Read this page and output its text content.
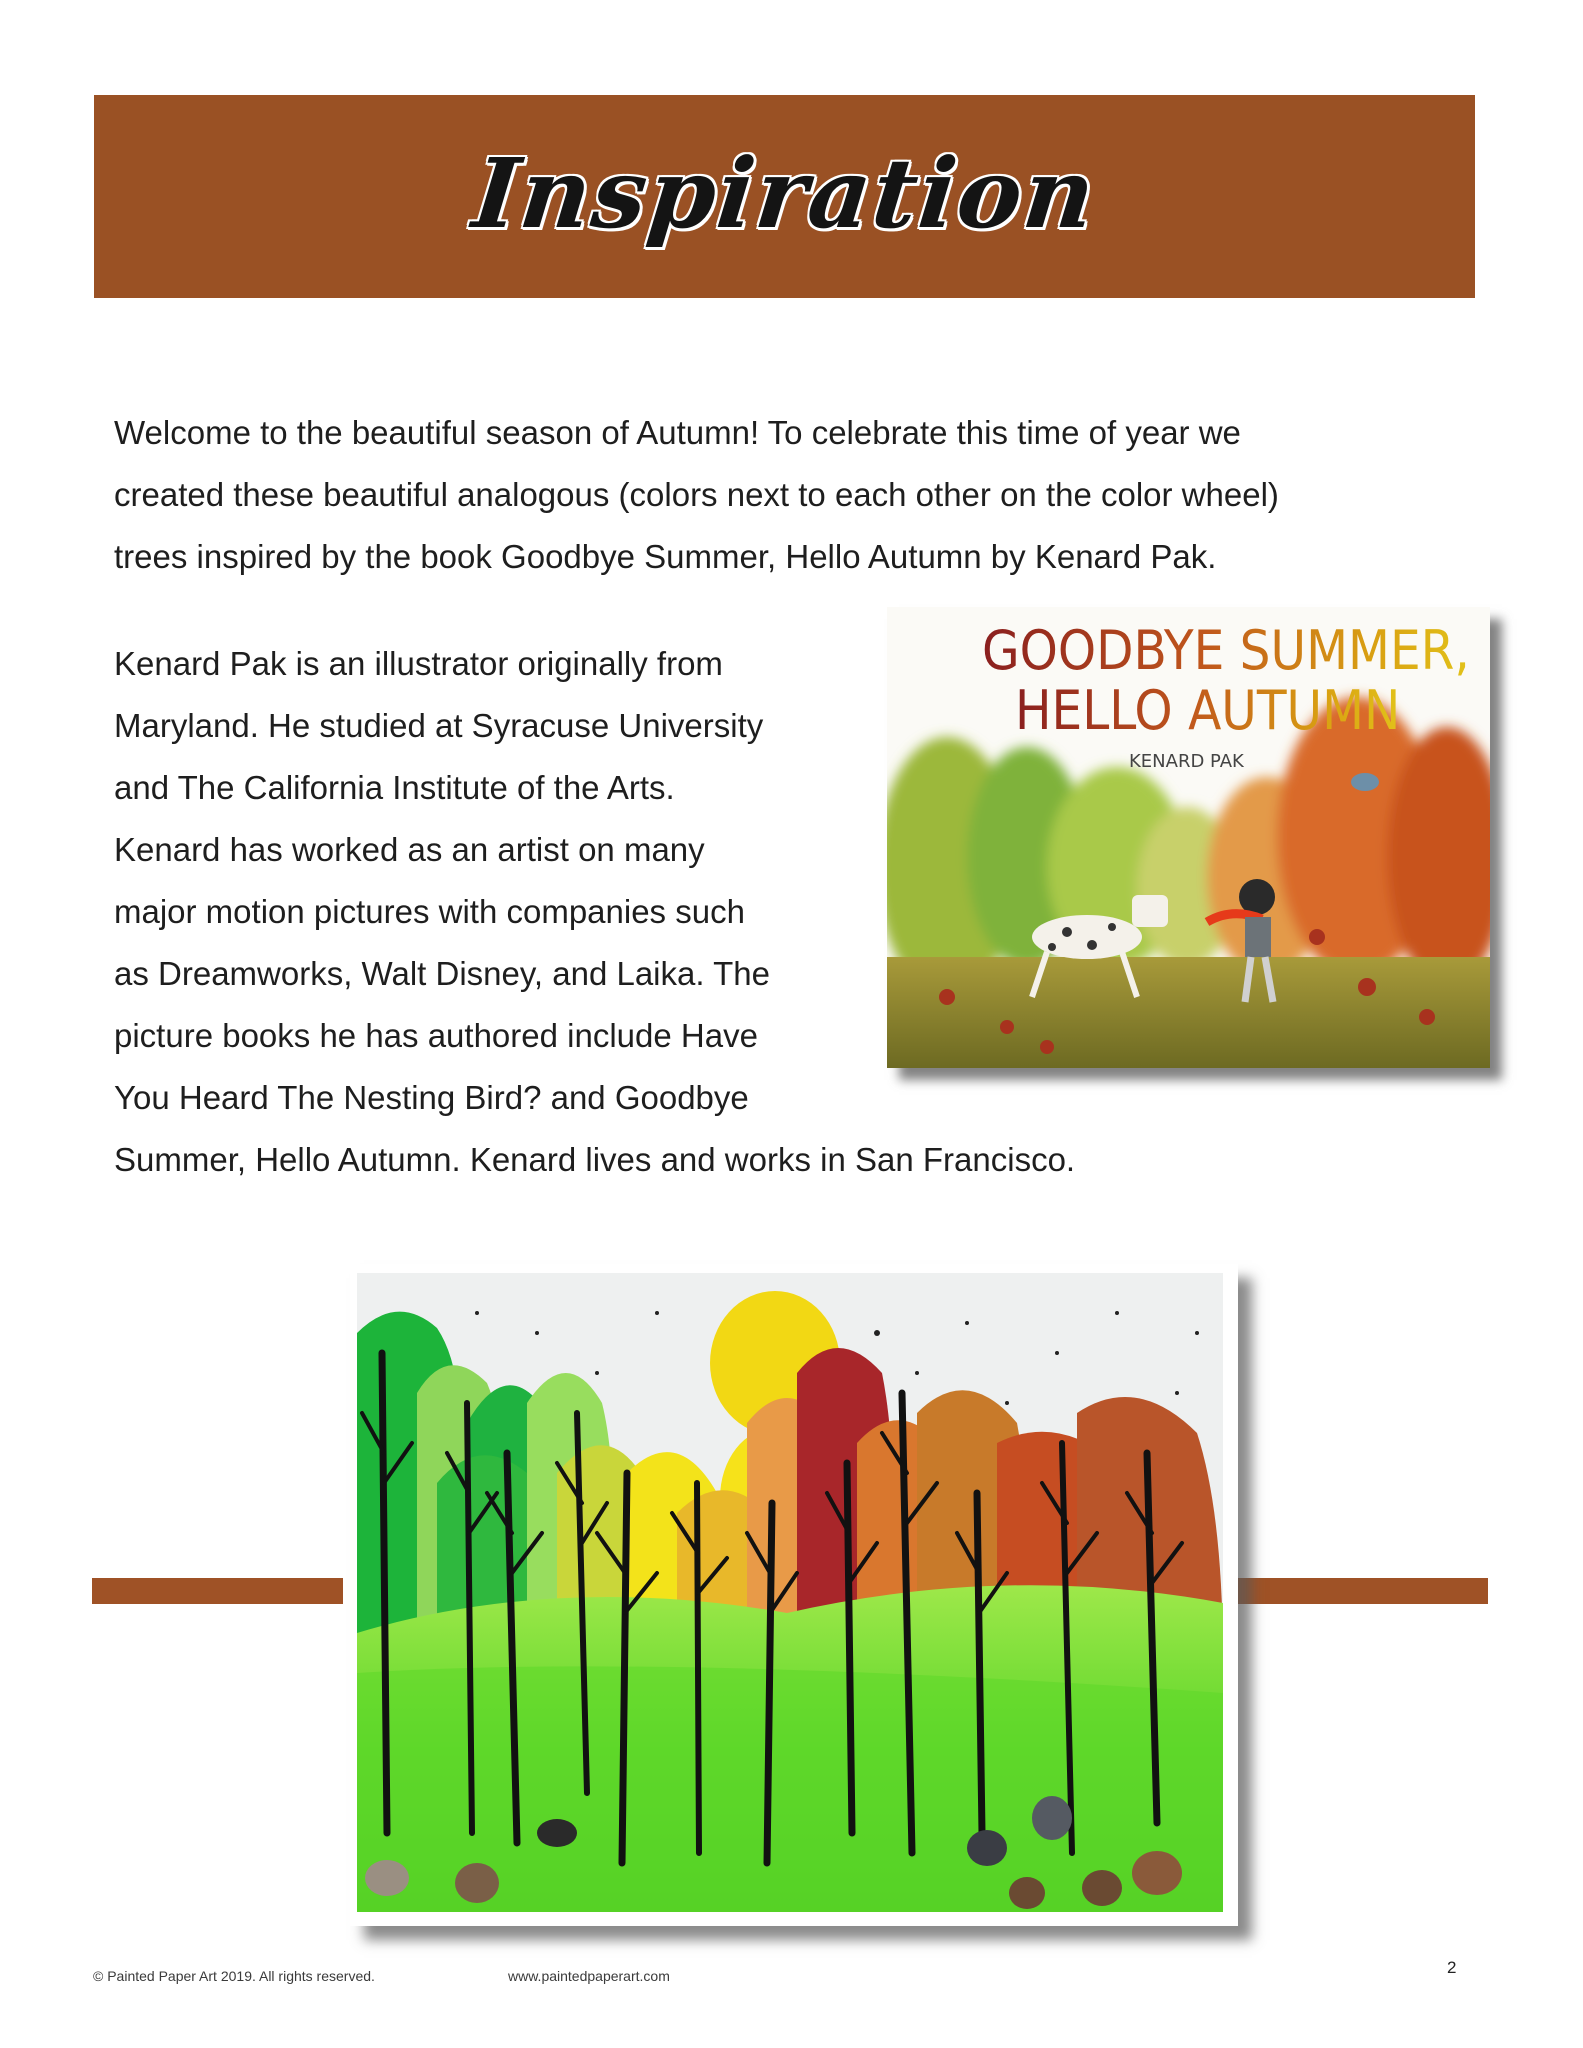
Inspiration

Welcome to the beautiful season of Autumn! To celebrate this time of year we
created these beautiful analogous (colors next to each other on the color wheel)
trees inspired by the book Goodbye Summer, Hello Autumn by Kenard Pak.

Kenard Pak is an illustrator originally from
Maryland. He studied at Syracuse University
and The California Institute of the Arts.
Kenard has worked as an artist on many
major motion pictures with companies such
as Dreamworks, Walt Disney, and Laika. The
picture books he has authored include Have
You Heard The Nesting Bird? and Goodbye
Summer, Hello Autumn. Kenard lives and works in San Francisco.

GOODBYE SUMMER,
HELLO AUTUMN
KENARD PAK
© Painted Paper Art 2019. All rights reserved.	www.paintedpaperart.com	2
